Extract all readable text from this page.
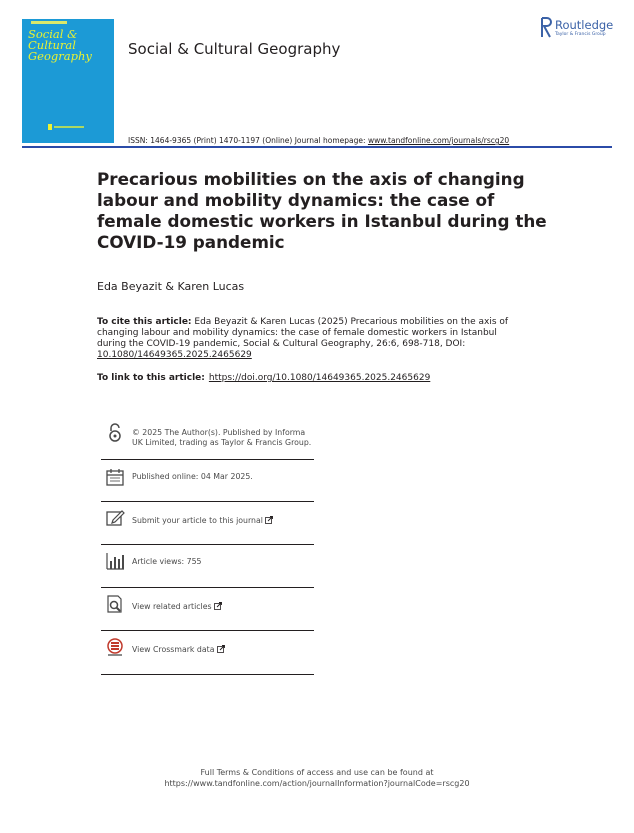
Social &
Cultural
Geography Social & Cultural Geography
Routledge
Taylor & Francis Group
ISSN: 1464-9365 (Print) 1470-1197 (Online) Journal homepage: www.tandfonline.com/journals/rscg20
Precarious mobilities on the axis of changing labour and mobility dynamics: the case of female domestic workers in Istanbul during the COVID-19 pandemic
Eda Beyazit & Karen Lucas
To cite this article: Eda Beyazit & Karen Lucas (2025) Precarious mobilities on the axis of changing labour and mobility dynamics: the case of female domestic workers in Istanbul during the COVID-19 pandemic, Social & Cultural Geography, 26:6, 698-718, DOI: 10.1080/14649365.2025.2465629
To link to this article: https://doi.org/10.1080/14649365.2025.2465629
© 2025 The Author(s). Published by Informa UK Limited, trading as Taylor & Francis Group.
Published online: 04 Mar 2025.
Submit your article to this journal
Article views: 755
View related articles
View Crossmark data
Full Terms & Conditions of access and use can be found at
https://www.tandfonline.com/action/journalInformation?journalCode=rscg20
